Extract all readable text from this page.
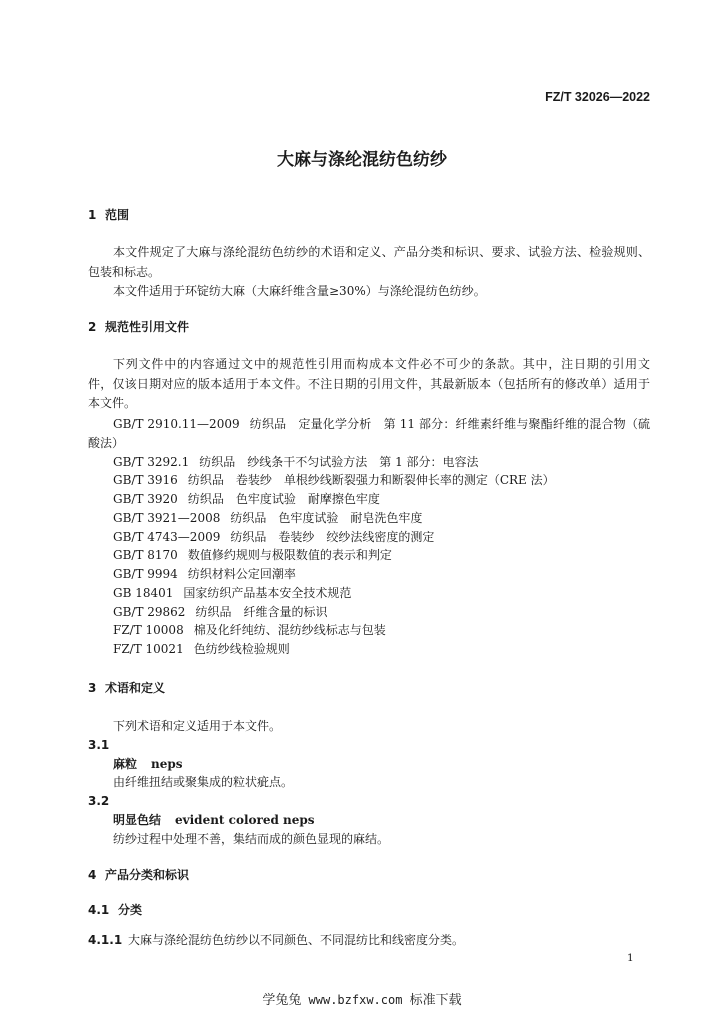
FZ/T 32026—2022
大麻与涤纶混纺色纺纱
1 范围
本文件规定了大麻与涤纶混纺色纺纱的术语和定义、产品分类和标识、要求、试验方法、检验规则、
包装和标志。
本文件适用于环锭纺大麻（大麻纤维含量≥30%）与涤纶混纺色纺纱。
2 规范性引用文件
下列文件中的内容通过文中的规范性引用而构成本文件必不可少的条款。其中，注日期的引用文
件，仅该日期对应的版本适用于本文件。不注日期的引用文件，其最新版本（包括所有的修改单）适用于
本文件。
GB/T 2910.11—2009 纺织品　定量化学分析　第 11 部分：纤维素纤维与聚酯纤维的混合物（硫
酸法）
GB/T 3292.1 纺织品　纱线条干不匀试验方法　第 1 部分：电容法
GB/T 3916 纺织品　卷装纱　单根纱线断裂强力和断裂伸长率的测定（CRE 法）
GB/T 3920 纺织品　色牢度试验　耐摩擦色牢度
GB/T 3921—2008 纺织品　色牢度试验　耐皂洗色牢度
GB/T 4743—2009 纺织品　卷装纱　绞纱法线密度的测定
GB/T 8170 数值修约规则与极限数值的表示和判定
GB/T 9994 纺织材料公定回潮率
GB 18401 国家纺织产品基本安全技术规范
GB/T 29862 纺织品　纤维含量的标识
FZ/T 10008 棉及化纤纯纺、混纺纱线标志与包装
FZ/T 10021 色纺纱线检验规则
3 术语和定义
下列术语和定义适用于本文件。
3.1
麻粒 neps
由纤维扭结或聚集成的粒状疵点。
3.2
明显色结 evident colored neps
纺纱过程中处理不善，集结而成的颜色显现的麻结。
4 产品分类和标识
4.1 分类
4.1.1 大麻与涤纶混纺色纺纱以不同颜色、不同混纺比和线密度分类。
1
学兔兔 www.bzfxw.com 标准下载
